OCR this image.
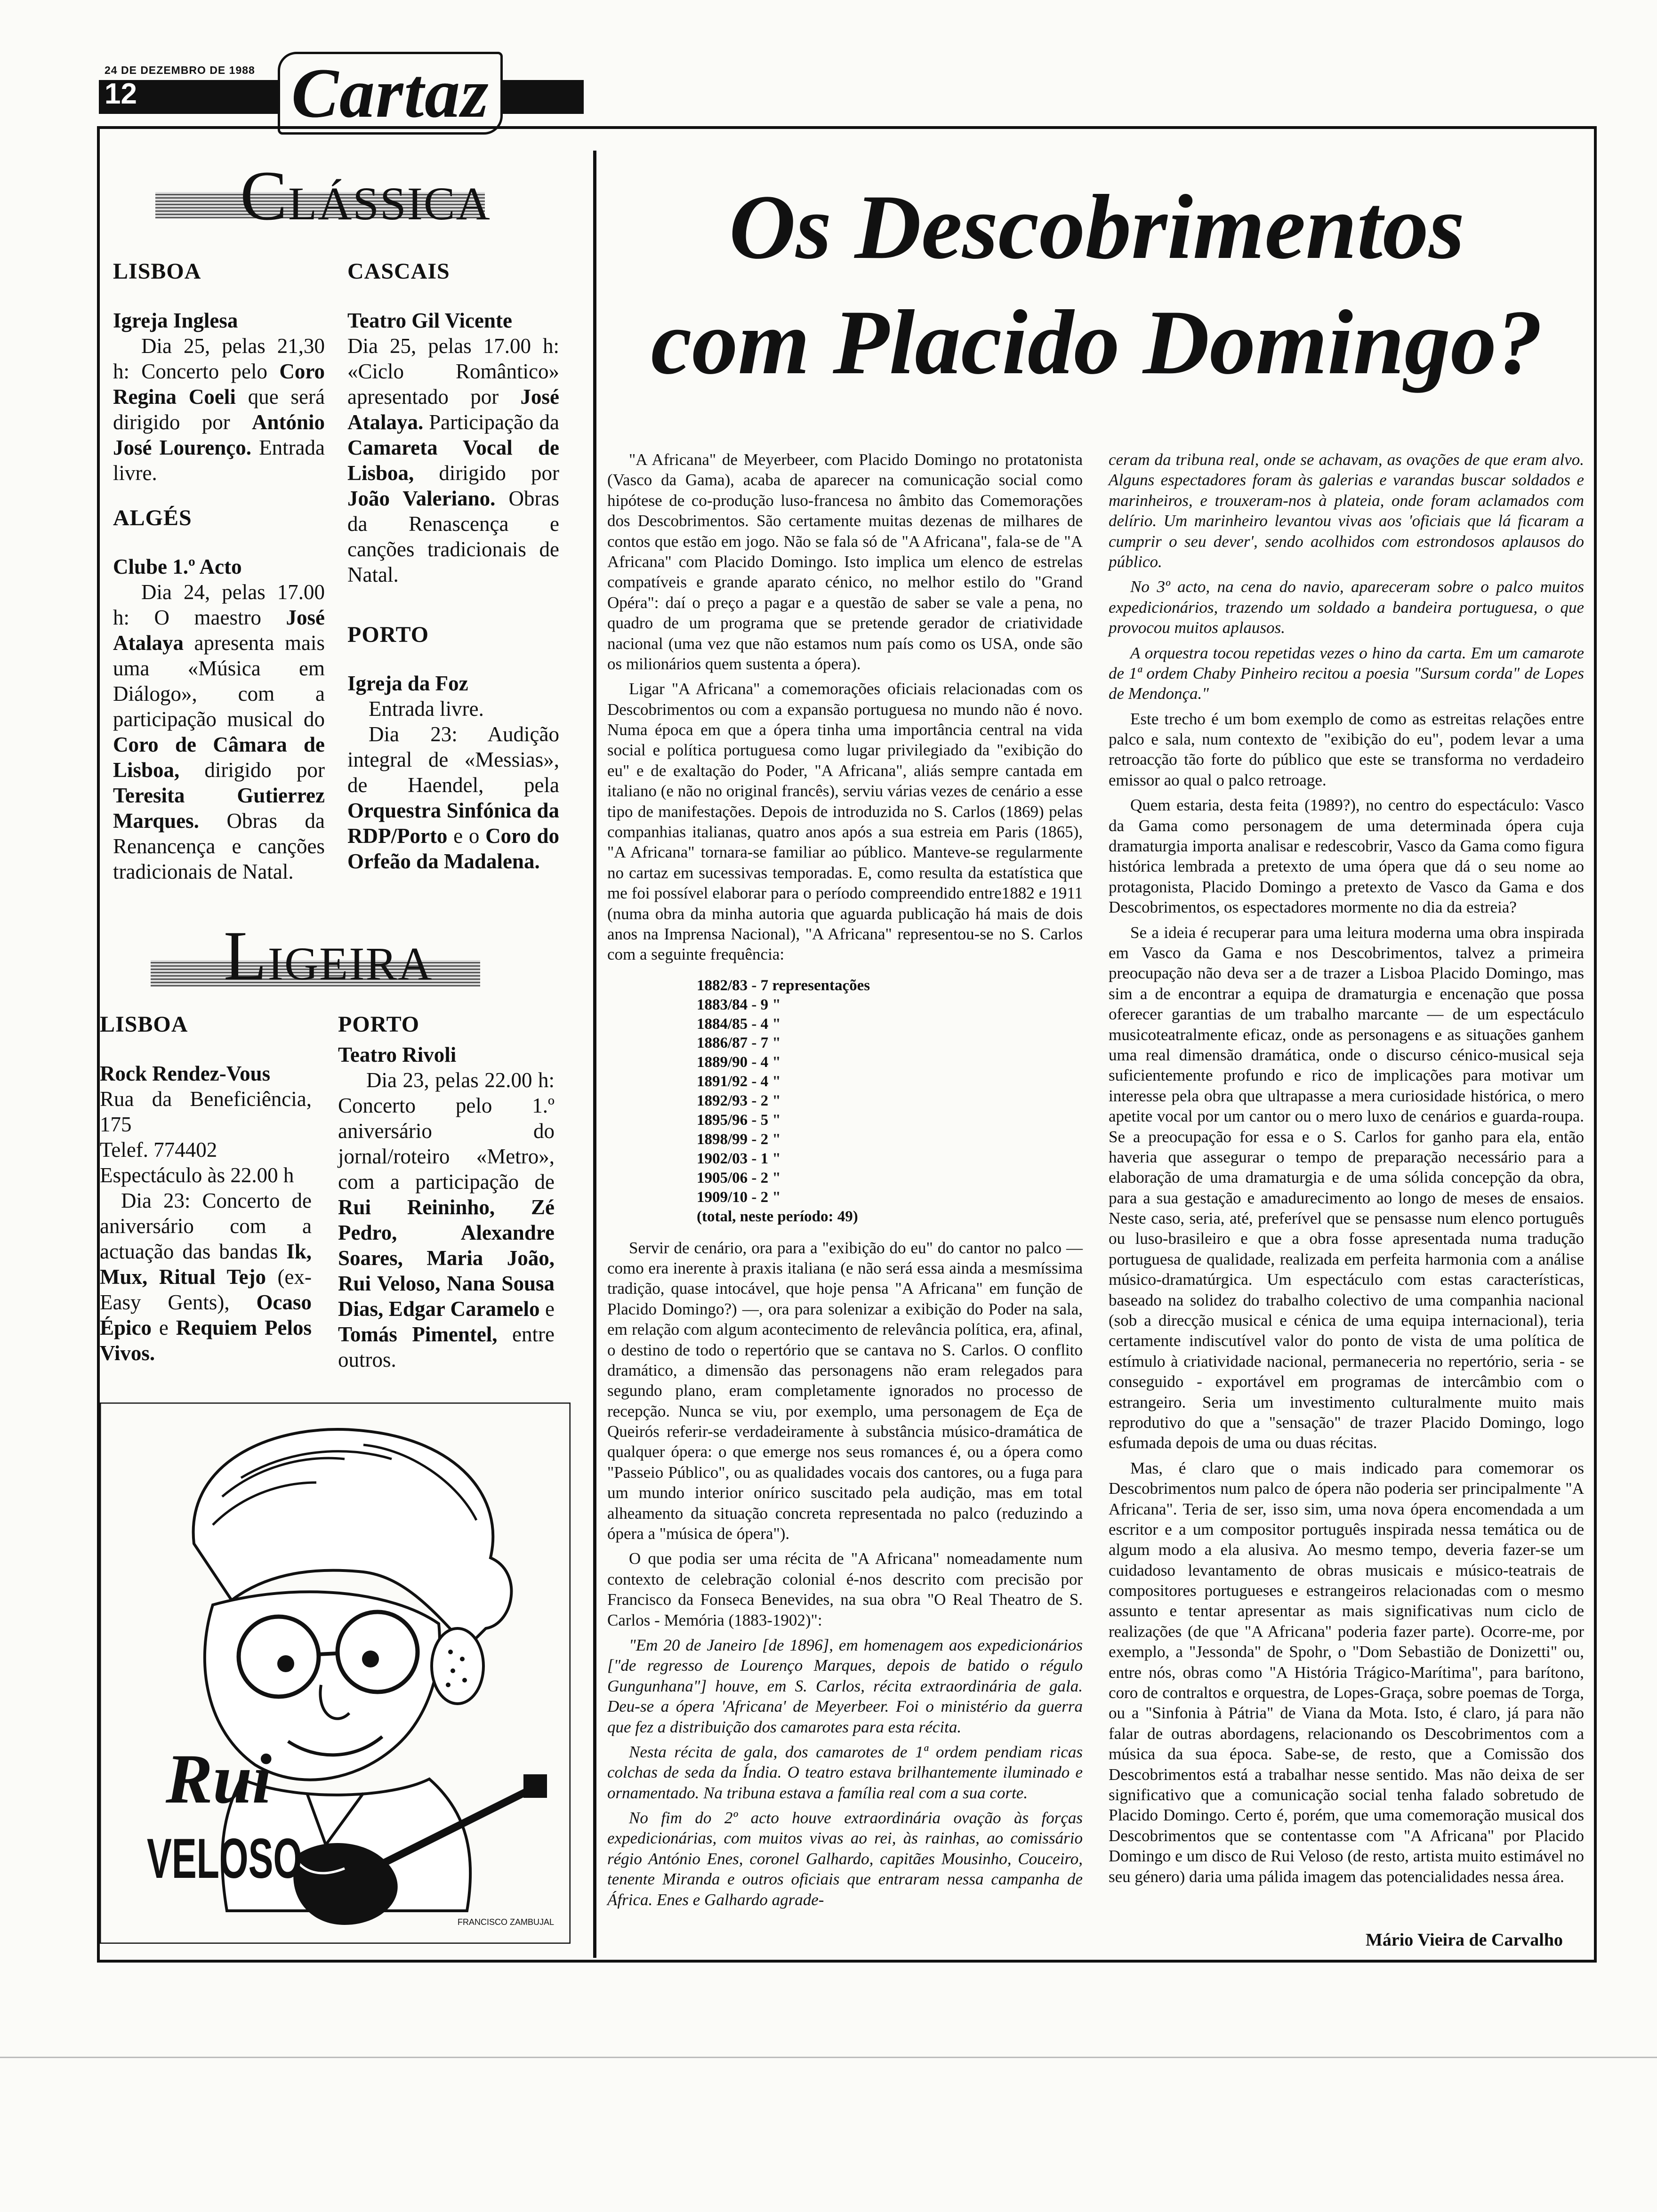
24 DE DEZEMBRO DE 1988
12 Cartaz
CLÁSSICA

LISBOA

Igreja Inglesa

Dia 25, pelas 21,30 h: Concerto pelo Coro Regina Coeli que será dirigido por António José Lourenço. Entrada livre.

ALGÉS

Clube 1.º Acto

Dia 24, pelas 17.00 h: O maestro José Atalaya apresenta mais uma «Música em Diálogo», com a participação musical do Coro de Câmara de Lisboa, dirigido por Teresita Gutierrez Marques. Obras da Renancença e canções tradicionais de Natal.

CASCAIS

Teatro Gil Vicente

Dia 25, pelas 17.00 h: «Ciclo Romântico» apresentado por José Atalaya. Participação da Camareta Vocal de Lisboa, dirigido por João Valeriano. Obras da Renascença e canções tradicionais de Natal.

PORTO

Igreja da Foz

Entrada livre.

Dia 23: Audição integral de «Messias», de Haendel, pela Orquestra Sinfónica da RDP/Porto e o Coro do Orfeão da Madalena.

LIGEIRA

LISBOA

Rock Rendez-Vous

Rua da Beneficiência, 175

Telef. 774402

Espectáculo às 22.00 h

Dia 23: Concerto de aniversário com a actuação das bandas Ik, Mux, Ritual Tejo (ex-Easy Gents), Ocaso Épico e Requiem Pelos Vivos.

PORTO

Teatro Rivoli

Dia 23, pelas 22.00 h: Concerto pelo 1.º aniversário do jornal/roteiro «Metro», com a participação de Rui Reininho, Zé Pedro, Alexandre Soares, Maria João, Rui Veloso, Nana Sousa Dias, Edgar Caramelo e Tomás Pimentel, entre outros.

Rui
VELOSO
FRANCISCO ZAMBUJAL
Os Descobrimentos
com Placido Domingo?

"A Africana" de Meyerbeer, com Placido Domingo no protatonista (Vasco da Gama), acaba de aparecer na comunicação social como hipótese de co-produção luso-francesa no âmbito das Comemorações dos Descobrimentos. São certamente muitas dezenas de milhares de contos que estão em jogo. Não se fala só de "A Africana", fala-se de "A Africana" com Placido Domingo. Isto implica um elenco de estrelas compatíveis e grande aparato cénico, no melhor estilo do "Grand Opéra": daí o preço a pagar e a questão de saber se vale a pena, no quadro de um programa que se pretende gerador de criatividade nacional (uma vez que não estamos num país como os USA, onde são os milionários quem sustenta a ópera).

Ligar "A Africana" a comemorações oficiais relacionadas com os Descobrimentos ou com a expansão portuguesa no mundo não é novo. Numa época em que a ópera tinha uma importância central na vida social e política portuguesa como lugar privilegiado da "exibição do eu" e de exaltação do Poder, "A Africana", aliás sempre cantada em italiano (e não no original francês), serviu várias vezes de cenário a esse tipo de manifestações. Depois de introduzida no S. Carlos (1869) pelas companhias italianas, quatro anos após a sua estreia em Paris (1865), "A Africana" tornara-se familiar ao público. Manteve-se regularmente no cartaz em sucessivas temporadas. E, como resulta da estatística que me foi possível elaborar para o período compreendido entre1882 e 1911 (numa obra da minha autoria que aguarda publicação há mais de dois anos na Imprensa Nacional), "A Africana" representou-se no S. Carlos com a seguinte frequência:

1882/83 - 7 representações
1883/84 - 9 "
1884/85 - 4 "
1886/87 - 7 "
1889/90 - 4 "
1891/92 - 4 "
1892/93 - 2 "
1895/96 - 5 "
1898/99 - 2 "
1902/03 - 1 "
1905/06 - 2 "
1909/10 - 2 "
(total, neste período: 49)

Servir de cenário, ora para a "exibição do eu" do cantor no palco — como era inerente à praxis italiana (e não será essa ainda a mesmíssima tradição, quase intocável, que hoje pensa "A Africana" em função de Placido Domingo?) —, ora para solenizar a exibição do Poder na sala, em relação com algum acontecimento de relevância política, era, afinal, o destino de todo o repertório que se cantava no S. Carlos. O conflito dramático, a dimensão das personagens não eram relegados para segundo plano, eram completamente ignorados no processo de recepção. Nunca se viu, por exemplo, uma personagem de Eça de Queirós referir-se verdadeiramente à substância músico-dramática de qualquer ópera: o que emerge nos seus romances é, ou a ópera como "Passeio Público", ou as qualidades vocais dos cantores, ou a fuga para um mundo interior onírico suscitado pela audição, mas em total alheamento da situação concreta representada no palco (reduzindo a ópera a "música de ópera").

O que podia ser uma récita de "A Africana" nomeadamente num contexto de celebração colonial é-nos descrito com precisão por Francisco da Fonseca Benevides, na sua obra "O Real Theatro de S. Carlos - Memória (1883-1902)":

"Em 20 de Janeiro [de 1896], em homenagem aos expedicionários ["de regresso de Lourenço Marques, depois de batido o régulo Gungunhana"] houve, em S. Carlos, récita extraordinária de gala. Deu-se a ópera 'Africana' de Meyerbeer. Foi o ministério da guerra que fez a distribuição dos camarotes para esta récita.

Nesta récita de gala, dos camarotes de 1ª ordem pendiam ricas colchas de seda da Índia. O teatro estava brilhantemente iluminado e ornamentado. Na tribuna estava a família real com a sua corte.

No fim do 2º acto houve extraordinária ovação às forças expedicionárias, com muitos vivas ao rei, às rainhas, ao comissário régio António Enes, coronel Galhardo, capitães Mousinho, Couceiro, tenente Miranda e outros oficiais que entraram nessa campanha de África. Enes e Galhardo agrade-

ceram da tribuna real, onde se achavam, as ovações de que eram alvo. Alguns espectadores foram às galerias e varandas buscar soldados e marinheiros, e trouxeram-nos à plateia, onde foram aclamados com delírio. Um marinheiro levantou vivas aos 'oficiais que lá ficaram a cumprir o seu dever', sendo acolhidos com estrondosos aplausos do público.

No 3º acto, na cena do navio, apareceram sobre o palco muitos expedicionários, trazendo um soldado a bandeira portuguesa, o que provocou muitos aplausos.

A orquestra tocou repetidas vezes o hino da carta. Em um camarote de 1ª ordem Chaby Pinheiro recitou a poesia "Sursum corda" de Lopes de Mendonça."

Este trecho é um bom exemplo de como as estreitas relações entre palco e sala, num contexto de "exibição do eu", podem levar a uma retroacção tão forte do público que este se transforma no verdadeiro emissor ao qual o palco retroage.

Quem estaria, desta feita (1989?), no centro do espectáculo: Vasco da Gama como personagem de uma determinada ópera cuja dramaturgia importa analisar e redescobrir, Vasco da Gama como figura histórica lembrada a pretexto de uma ópera que dá o seu nome ao protagonista, Placido Domingo a pretexto de Vasco da Gama e dos Descobrimentos, os espectadores mormente no dia da estreia?

Se a ideia é recuperar para uma leitura moderna uma obra inspirada em Vasco da Gama e nos Descobrimentos, talvez a primeira preocupação não deva ser a de trazer a Lisboa Placido Domingo, mas sim a de encontrar a equipa de dramaturgia e encenação que possa oferecer garantias de um trabalho marcante — de um espectáculo musicoteatralmente eficaz, onde as personagens e as situações ganhem uma real dimensão dramática, onde o discurso cénico-musical seja suficientemente profundo e rico de implicações para motivar um interesse pela obra que ultrapasse a mera curiosidade histórica, o mero apetite vocal por um cantor ou o mero luxo de cenários e guarda-roupa. Se a preocupação for essa e o S. Carlos for ganho para ela, então haveria que assegurar o tempo de preparação necessário para a elaboração de uma dramaturgia e de uma sólida concepção da obra, para a sua gestação e amadurecimento ao longo de meses de ensaios. Neste caso, seria, até, preferível que se pensasse num elenco português ou luso-brasileiro e que a obra fosse apresentada numa tradução portuguesa de qualidade, realizada em perfeita harmonia com a análise músico-dramatúrgica. Um espectáculo com estas características, baseado na solidez do trabalho colectivo de uma companhia nacional (sob a direcção musical e cénica de uma equipa internacional), teria certamente indiscutível valor do ponto de vista de uma política de estímulo à criatividade nacional, permaneceria no repertório, seria - se conseguido - exportável em programas de intercâmbio com o estrangeiro. Seria um investimento culturalmente muito mais reprodutivo do que a "sensação" de trazer Placido Domingo, logo esfumada depois de uma ou duas récitas.

Mas, é claro que o mais indicado para comemorar os Descobrimentos num palco de ópera não poderia ser principalmente "A Africana". Teria de ser, isso sim, uma nova ópera encomendada a um escritor e a um compositor português inspirada nessa temática ou de algum modo a ela alusiva. Ao mesmo tempo, deveria fazer-se um cuidadoso levantamento de obras musicais e músico-teatrais de compositores portugueses e estrangeiros relacionadas com o mesmo assunto e tentar apresentar as mais significativas num ciclo de realizações (de que "A Africana" poderia fazer parte). Ocorre-me, por exemplo, a "Jessonda" de Spohr, o "Dom Sebastião de Donizetti" ou, entre nós, obras como "A História Trágico-Marítima", para barítono, coro de contraltos e orquestra, de Lopes-Graça, sobre poemas de Torga, ou a "Sinfonia à Pátria" de Viana da Mota. Isto, é claro, já para não falar de outras abordagens, relacionando os Descobrimentos com a música da sua época. Sabe-se, de resto, que a Comissão dos Descobrimentos está a trabalhar nesse sentido. Mas não deixa de ser significativo que a comunicação social tenha falado sobretudo de Placido Domingo. Certo é, porém, que uma comemoração musical dos Descobrimentos que se contentasse com "A Africana" por Placido Domingo e um disco de Rui Veloso (de resto, artista muito estimável no seu género) daria uma pálida imagem das potencialidades nessa área.

Mário Vieira de Carvalho
